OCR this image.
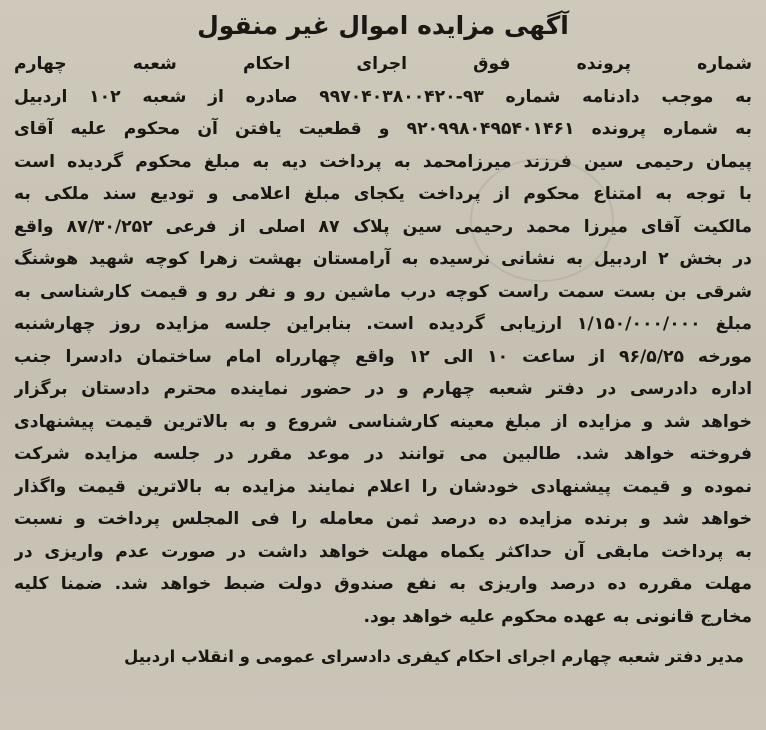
آگهی مزایده اموال غیر منقول
شماره پرونده فوق اجرای احکام شعبه چهارم
به موجب دادنامه شماره ۹۳-۹۹۷۰۴۰۳۸۰۰۴۲۰ صادره از شعبه ۱۰۲ اردبیل
به شماره پرونده ۹۲۰۹۹۸۰۴۹۵۴۰۱۴۶۱ و قطعیت یافتن آن محکوم علیه آقای
پیمان رحیمی سین فرزند میرزامحمد به پرداخت دیه به مبلغ محکوم گردیده است
با توجه به امتناع محکوم از پرداخت یکجای مبلغ اعلامی و تودیع سند ملکی به
مالکیت آقای میرزا محمد رحیمی سین پلاک ۸۷ اصلی از فرعی ۸۷/۳۰/۲۵۲ واقع
در بخش ۲ اردبیل به نشانی نرسیده به آرامستان بهشت زهرا کوچه شهید هوشنگ
شرقی بن بست سمت راست کوچه درب ماشین رو و نفر رو و قیمت کارشناسی به
مبلغ ۱/۱۵۰/۰۰۰/۰۰۰ ارزیابی گردیده است. بنابراین جلسه مزایده روز چهارشنبه
مورخه ۹۶/۵/۲۵ از ساعت ۱۰ الی ۱۲ واقع چهارراه امام ساختمان دادسرا جنب
اداره دادرسی در دفتر شعبه چهارم و در حضور نماینده محترم دادستان برگزار
خواهد شد و مزایده از مبلغ معینه کارشناسی شروع و به بالاترین قیمت پیشنهادی
فروخته خواهد شد. طالبین می توانند در موعد مقرر در جلسه مزایده شرکت
نموده و قیمت پیشنهادی خودشان را اعلام نمایند مزایده به بالاترین قیمت واگذار
خواهد شد و برنده مزایده ده درصد ثمن معامله را فی المجلس پرداخت و نسبت
به پرداخت مابقی آن حداکثر یکماه مهلت خواهد داشت در صورت عدم واریزی در
مهلت مقرره ده درصد واریزی به نفع صندوق دولت ضبط خواهد شد. ضمنا کلیه
مخارج قانونی به عهده محکوم علیه خواهد بود.
مدیر دفتر شعبه چهارم اجرای احکام کیفری دادسرای عمومی و انقلاب اردبیل
